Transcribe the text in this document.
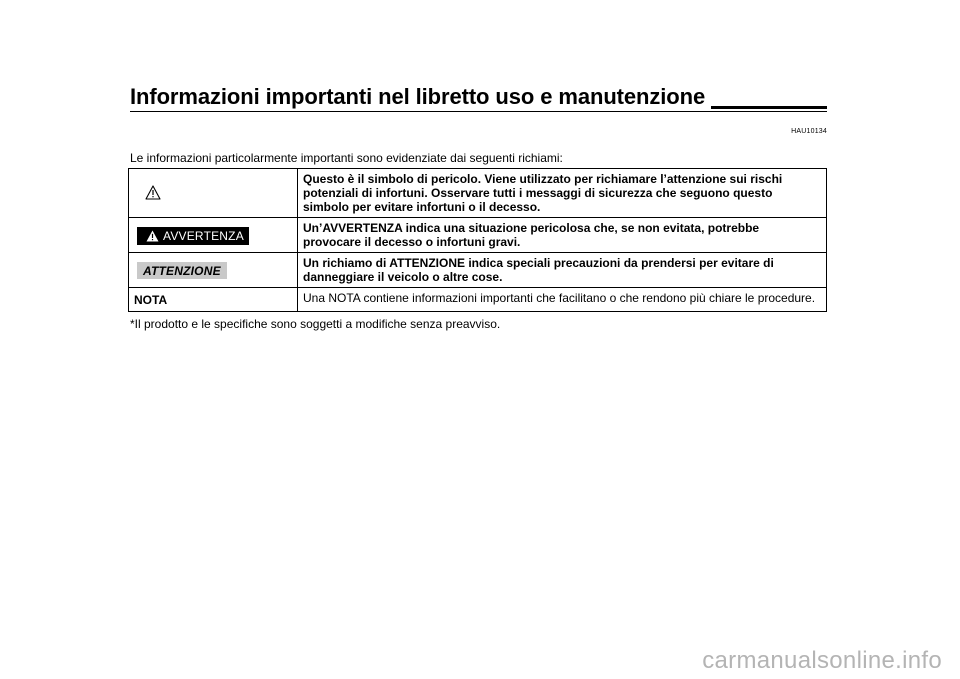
Informazioni importanti nel libretto uso e manutenzione
HAU10134
Le informazioni particolarmente importanti sono evidenziate dai seguenti richiami:
	Questo è il simbolo di pericolo. Viene utilizzato per richiamare l’attenzione sui rischi potenziali di infortuni. Osservare tutti i messaggi di sicurezza che seguono questo simbolo per evitare infortuni o il decesso.

AVVERTENZA	Un’AVVERTENZA indica una situazione pericolosa che, se non evitata, potrebbe provocare il decesso o infortuni gravi.
ATTENZIONE	Un richiamo di ATTENZIONE indica speciali precauzioni da prendersi per evitare di danneggiare il veicolo o altre cose.
NOTA	Una NOTA contiene informazioni importanti che facilitano o che rendono più chiare le procedure.
*Il prodotto e le specifiche sono soggetti a modifiche senza preavviso.
carmanualsonline.info
